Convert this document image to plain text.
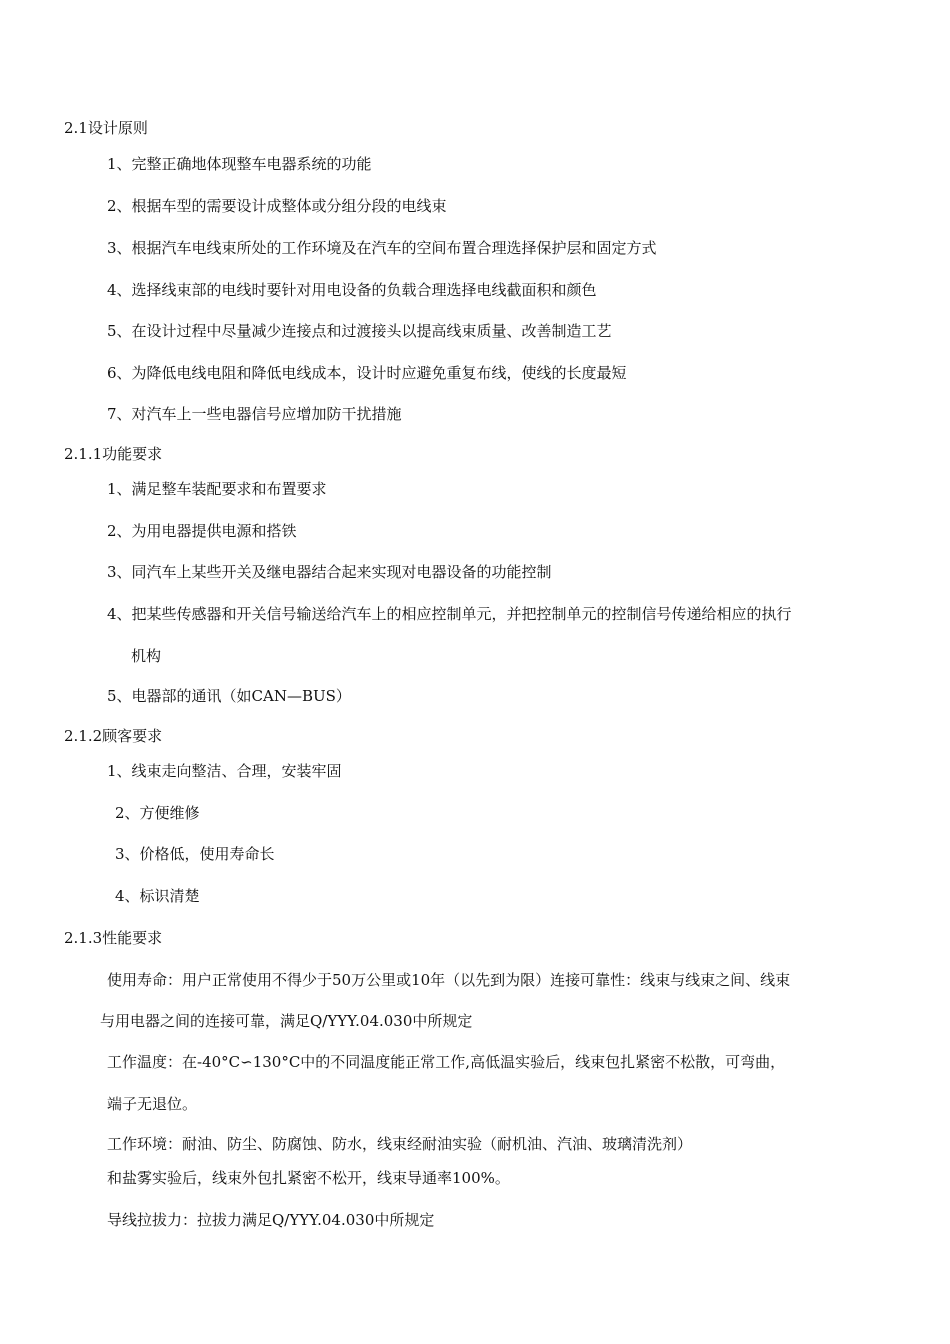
2.1设计原则
1、完整正确地体现整车电器系统的功能
2、根据车型的需要设计成整体或分组分段的电线束
3、根据汽车电线束所处的工作环境及在汽车的空间布置合理选择保护层和固定方式
4、选择线束部的电线时要针对用电设备的负载合理选择电线截面积和颜色
5、在设计过程中尽量减少连接点和过渡接头以提高线束质量、改善制造工艺
6、为降低电线电阻和降低电线成本，设计时应避免重复布线，使线的长度最短
7、对汽车上一些电器信号应增加防干扰措施
2.1.1功能要求
1、满足整车装配要求和布置要求
2、为用电器提供电源和搭铁
3、同汽车上某些开关及继电器结合起来实现对电器设备的功能控制
4、把某些传感器和开关信号输送给汽车上的相应控制单元，并把控制单元的控制信号传递给相应的执行
机构
5、电器部的通讯（如CAN—BUS）
2.1.2顾客要求
1、线束走向整洁、合理，安装牢固
2、方便维修
3、价格低，使用寿命长
4、标识清楚
2.1.3性能要求
使用寿命：用户正常使用不得少于50万公里或10年（以先到为限）连接可靠性：线束与线束之间、线束
与用电器之间的连接可靠，满足Q/YYY.04.030中所规定
工作温度：在-40°C∽130°C中的不同温度能正常工作,高低温实验后，线束包扎紧密不松散，可弯曲，
端子无退位。
工作环境：耐油、防尘、防腐蚀、防水，线束经耐油实验（耐机油、汽油、玻璃清洗剂）
和盐雾实验后，线束外包扎紧密不松开，线束导通率100%。
导线拉拔力：拉拔力满足Q/YYY.04.030中所规定
